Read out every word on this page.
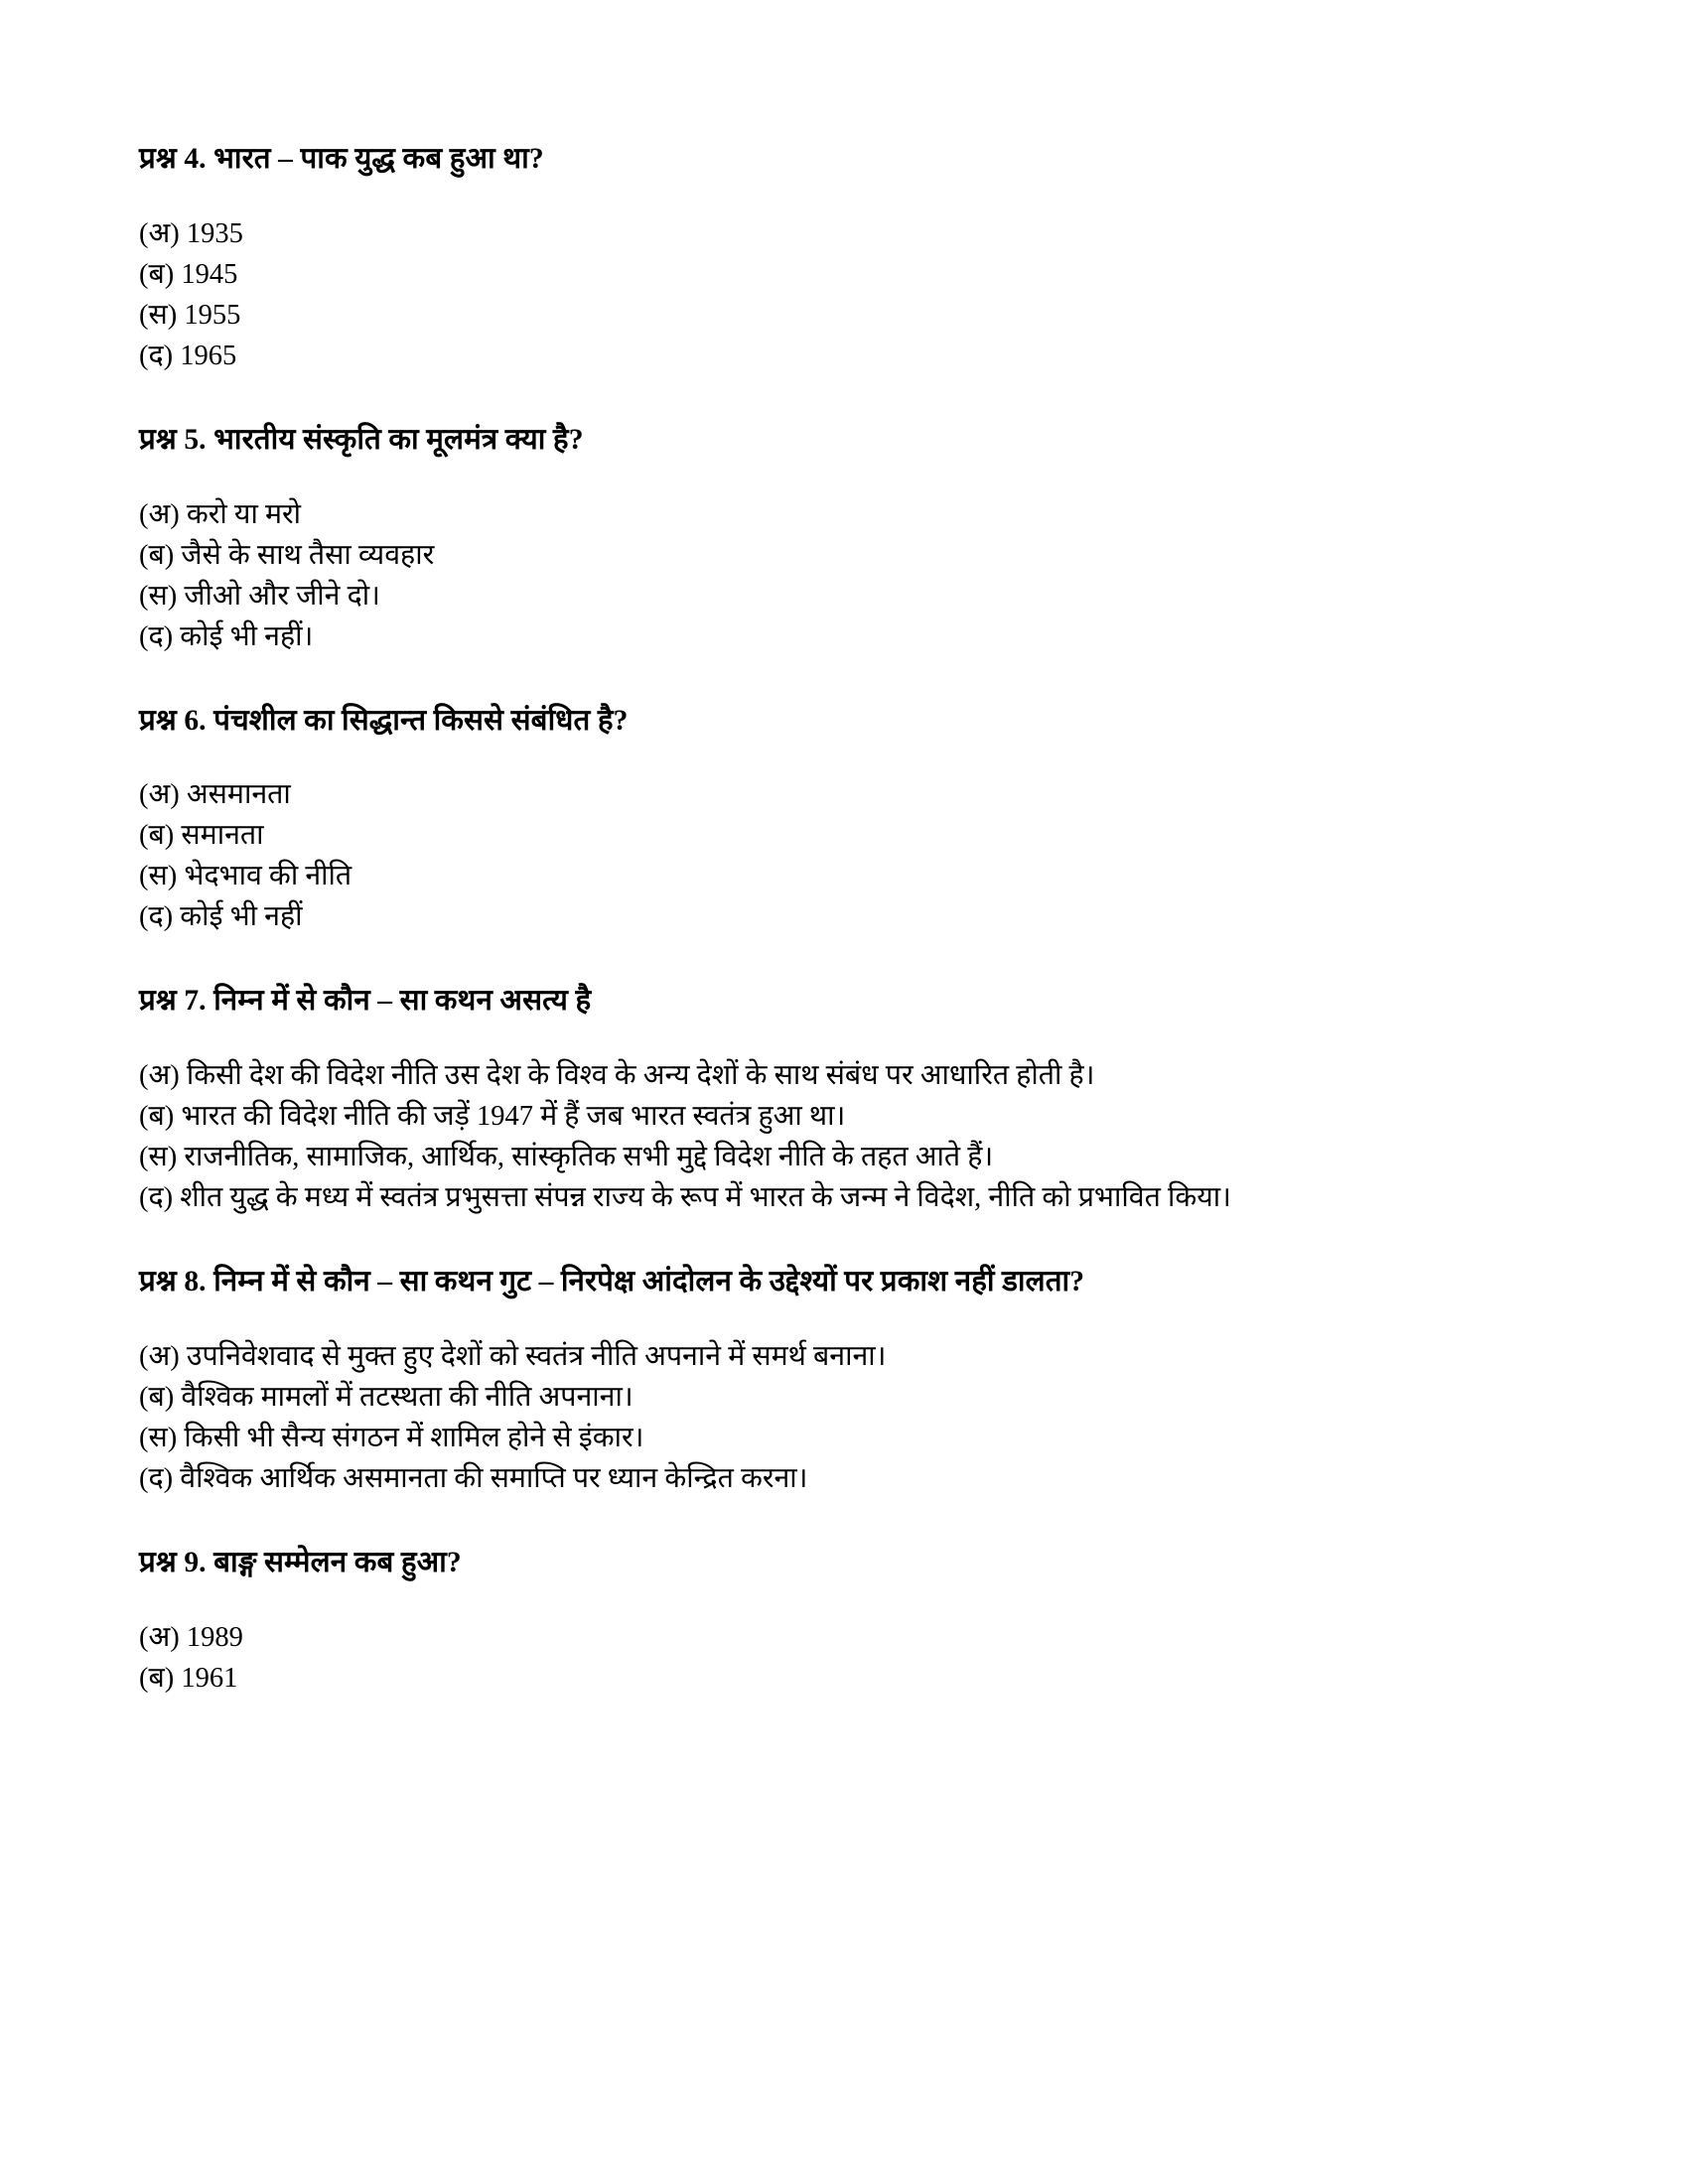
प्रश्न 4. भारत – पाक युद्ध कब हुआ था?
(अ) 1935
(ब) 1945
(स) 1955
(द) 1965
प्रश्न 5. भारतीय संस्कृति का मूलमंत्र क्या है?
(अ) करो या मरो
(ब) जैसे के साथ तैसा व्यवहार
(स) जीओ और जीने दो।
(द) कोई भी नहीं।
प्रश्न 6. पंचशील का सिद्धान्त किससे संबंधित है?
(अ) असमानता
(ब) समानता
(स) भेदभाव की नीति
(द) कोई भी नहीं
प्रश्न 7. निम्न में से कौन – सा कथन असत्य है
(अ) किसी देश की विदेश नीति उस देश के विश्व के अन्य देशों के साथ संबंध पर आधारित होती है।
(ब) भारत की विदेश नीति की जड़ें 1947 में हैं जब भारत स्वतंत्र हुआ था।
(स) राजनीतिक, सामाजिक, आर्थिक, सांस्कृतिक सभी मुद्दे विदेश नीति के तहत आते हैं।
(द) शीत युद्ध के मध्य में स्वतंत्र प्रभुसत्ता संपन्न राज्य के रूप में भारत के जन्म ने विदेश, नीति को प्रभावित किया।
प्रश्न 8. निम्न में से कौन – सा कथन गुट – निरपेक्ष आंदोलन के उद्देश्यों पर प्रकाश नहीं डालता?
(अ) उपनिवेशवाद से मुक्त हुए देशों को स्वतंत्र नीति अपनाने में समर्थ बनाना।
(ब) वैश्विक मामलों में तटस्थता की नीति अपनाना।
(स) किसी भी सैन्य संगठन में शामिल होने से इंकार।
(द) वैश्विक आर्थिक असमानता की समाप्ति पर ध्यान केन्द्रित करना।
प्रश्न 9. बाङ्ग सम्मेलन कब हुआ?
(अ) 1989
(ब) 1961
